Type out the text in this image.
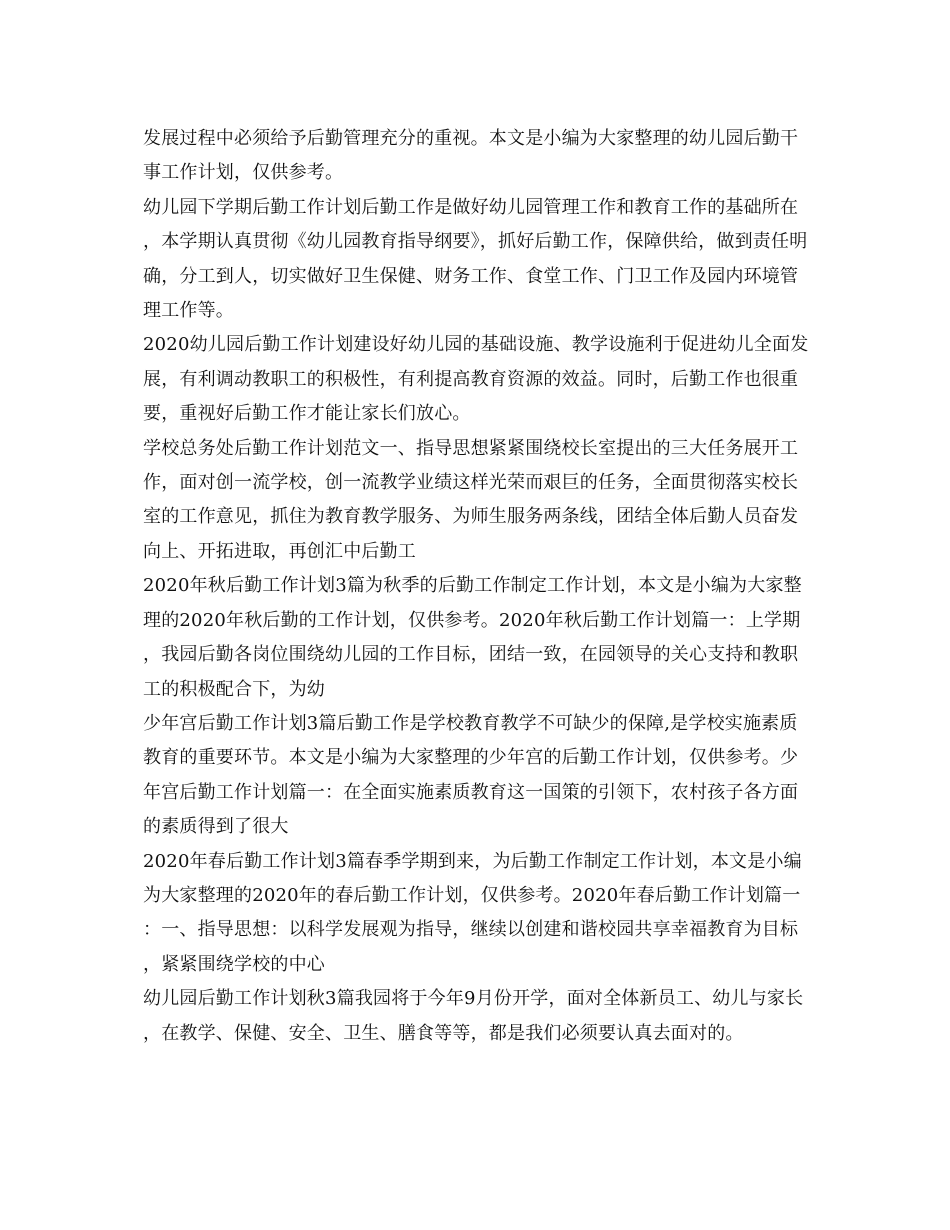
发展过程中必须给予后勤管理充分的重视。本文是小编为大家整理的幼儿园后勤干事工作计划，仅供参考。

幼儿园下学期后勤工作计划后勤工作是做好幼儿园管理工作和教育工作的基础所在，本学期认真贯彻《幼儿园教育指导纲要》，抓好后勤工作，保障供给，做到责任明确，分工到人，切实做好卫生保健、财务工作、食堂工作、门卫工作及园内环境管理工作等。

2020幼儿园后勤工作计划建设好幼儿园的基础设施、教学设施利于促进幼儿全面发展，有利调动教职工的积极性，有利提高教育资源的效益。同时，后勤工作也很重要，重视好后勤工作才能让家长们放心。

学校总务处后勤工作计划范文一、指导思想紧紧围绕校长室提出的三大任务展开工作，面对创一流学校，创一流教学业绩这样光荣而艰巨的任务，全面贯彻落实校长室的工作意见，抓住为教育教学服务、为师生服务两条线，团结全体后勤人员奋发向上、开拓进取，再创汇中后勤工

2020年秋后勤工作计划3篇为秋季的后勤工作制定工作计划，本文是小编为大家整理的2020年秋后勤的工作计划，仅供参考。2020年秋后勤工作计划篇一：上学期，我园后勤各岗位围绕幼儿园的工作目标，团结一致，在园领导的关心支持和教职工的积极配合下，为幼

少年宫后勤工作计划3篇后勤工作是学校教育教学不可缺少的保障,是学校实施素质教育的重要环节。本文是小编为大家整理的少年宫的后勤工作计划，仅供参考。少年宫后勤工作计划篇一：在全面实施素质教育这一国策的引领下，农村孩子各方面的素质得到了很大

2020年春后勤工作计划3篇春季学期到来，为后勤工作制定工作计划，本文是小编为大家整理的2020年的春后勤工作计划，仅供参考。2020年春后勤工作计划篇一：一、指导思想：以科学发展观为指导，继续以创建和谐校园共享幸福教育为目标，紧紧围绕学校的中心

幼儿园后勤工作计划秋3篇我园将于今年9月份开学，面对全体新员工、幼儿与家长，在教学、保健、安全、卫生、膳食等等，都是我们必须要认真去面对的。
